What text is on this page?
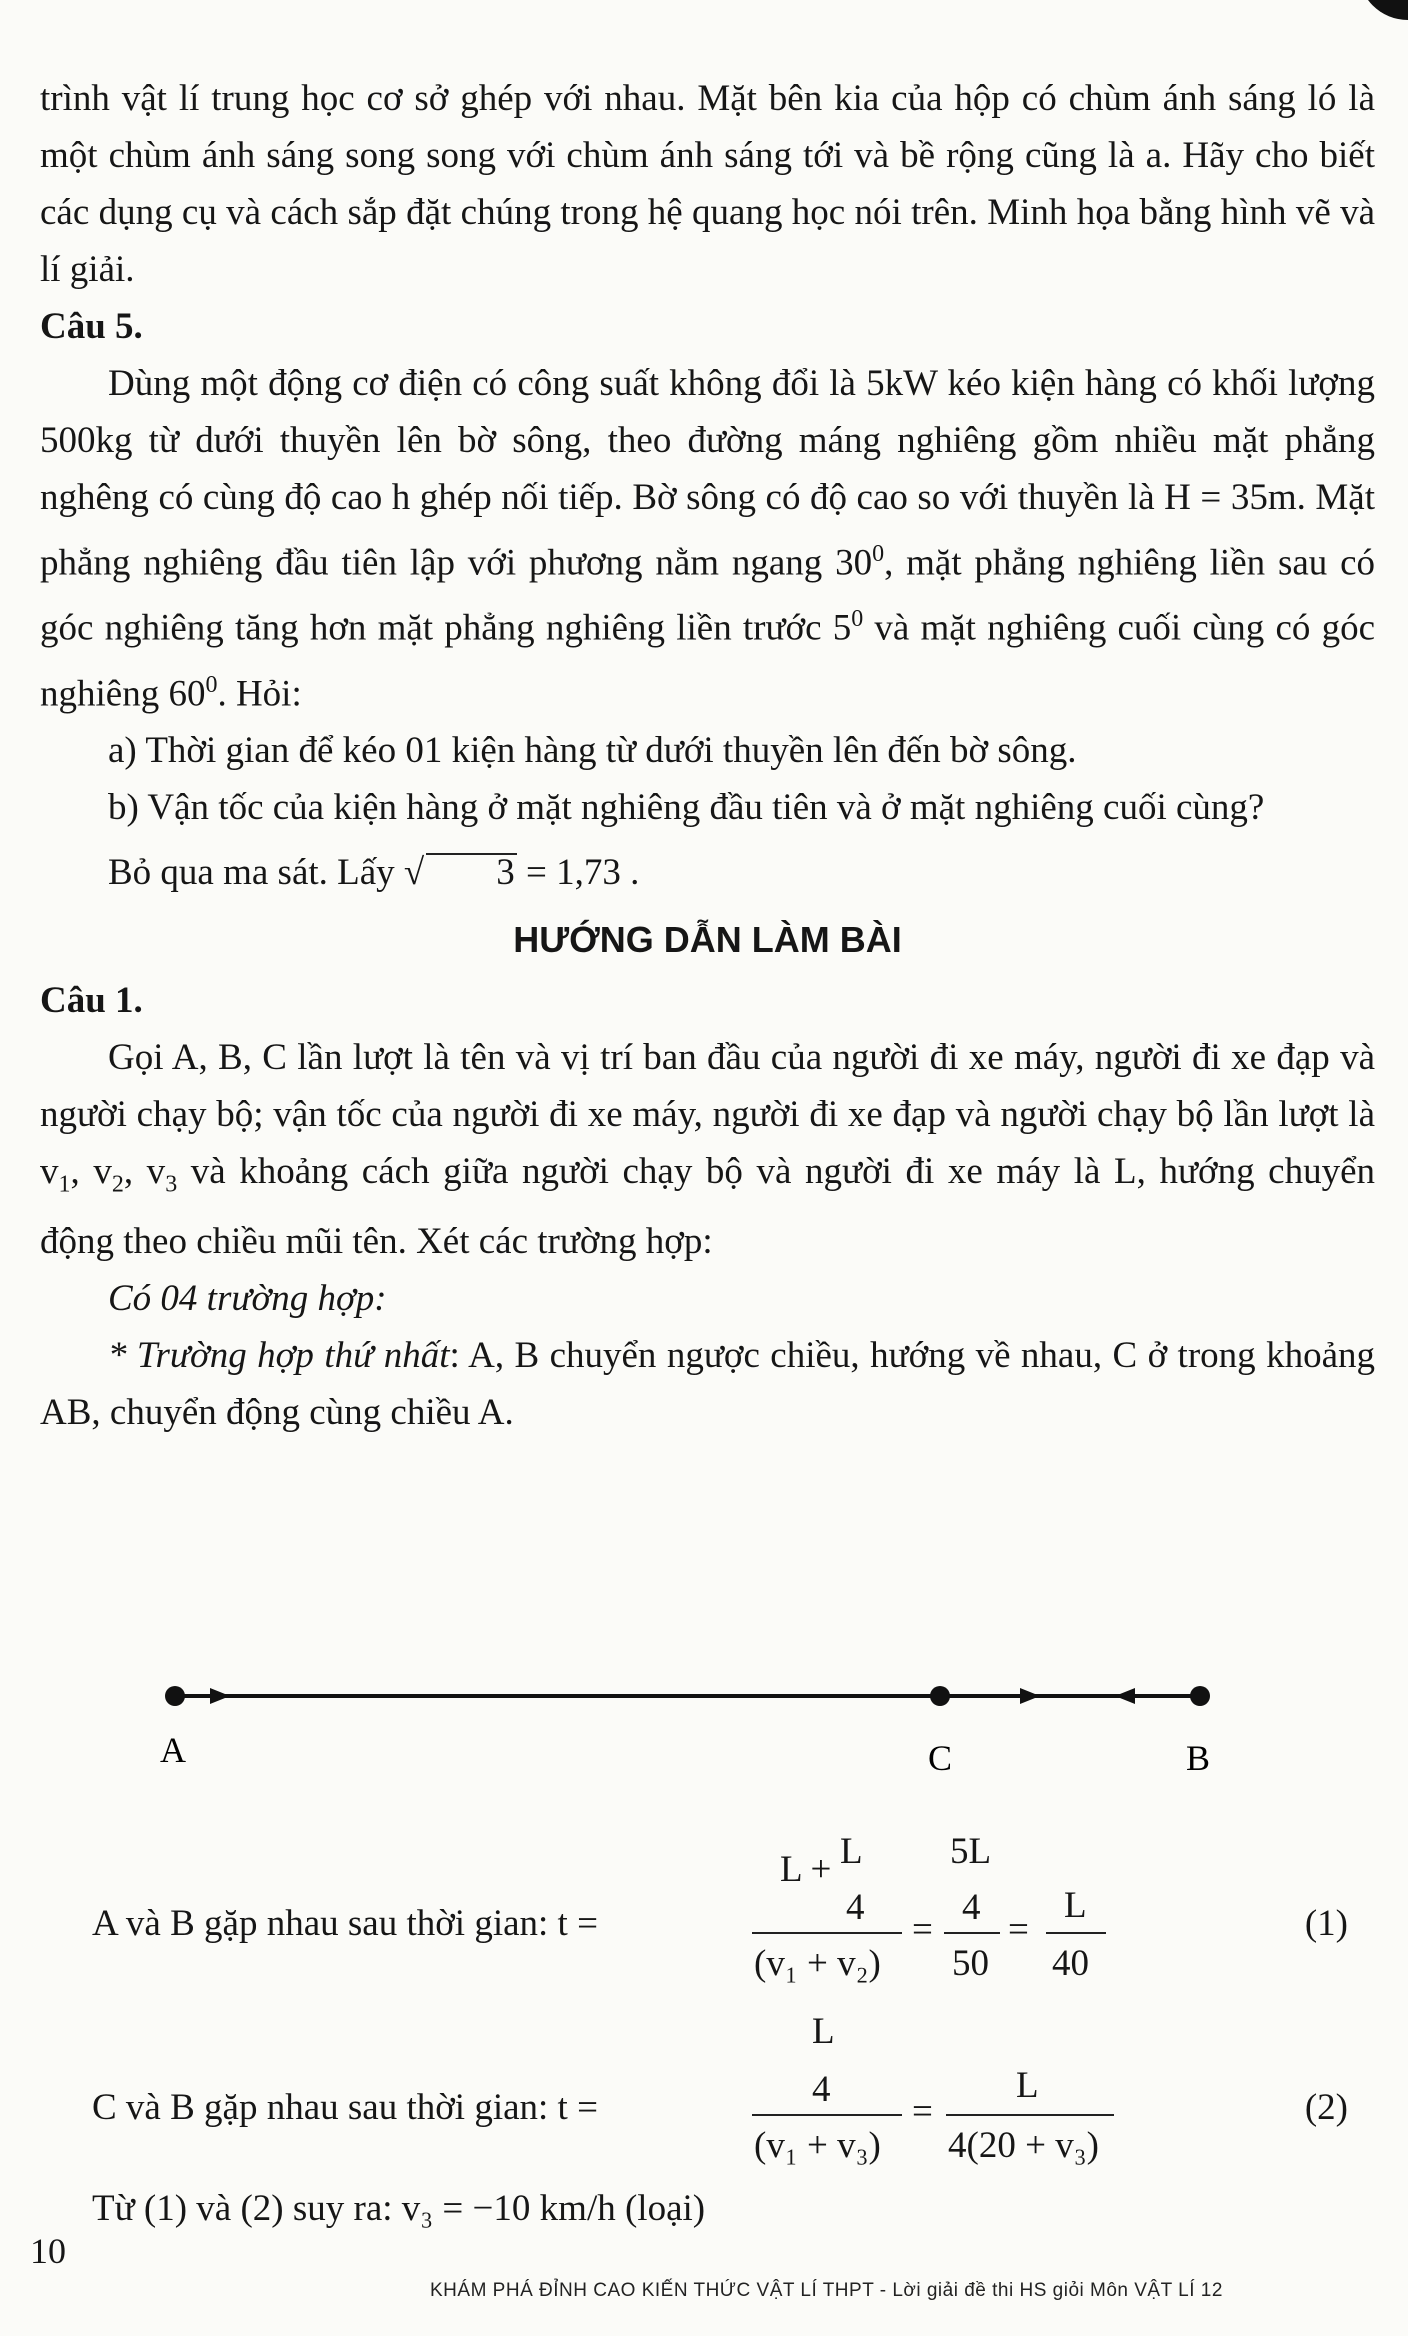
trình vật lí trung học cơ sở ghép với nhau. Mặt bên kia của hộp có chùm ánh sáng ló là một chùm ánh sáng song song với chùm ánh sáng tới và bề rộng cũng là a. Hãy cho biết các dụng cụ và cách sắp đặt chúng trong hệ quang học nói trên. Minh họa bằng hình vẽ và lí giải.

Câu 5.

Dùng một động cơ điện có công suất không đổi là 5kW kéo kiện hàng có khối lượng 500kg từ dưới thuyền lên bờ sông, theo đường máng nghiêng gồm nhiều mặt phẳng nghêng có cùng độ cao h ghép nối tiếp. Bờ sông có độ cao so với thuyền là H = 35m. Mặt phẳng nghiêng đầu tiên lập với phương nằm ngang $30^0$, mặt phẳng nghiêng liền sau có góc nghiêng tăng hơn mặt phẳng nghiêng liền trước $5^0$ và mặt nghiêng cuối cùng có góc nghiêng $60^0$. Hỏi:

a) Thời gian để kéo 01 kiện hàng từ dưới thuyền lên đến bờ sông.

b) Vận tốc của kiện hàng ở mặt nghiêng đầu tiên và ở mặt nghiêng cuối cùng?

Bỏ qua ma sát. Lấy √ 3 = 1,73 .

HƯỚNG DẪN LÀM BÀI

Câu 1.

Gọi A, B, C lần lượt là tên và vị trí ban đầu của người đi xe máy, người đi xe đạp và người chạy bộ; vận tốc của người đi xe máy, người đi xe đạp và người chạy bộ lần lượt là $v_1$, $v_2$, $v_3$ và khoảng cách giữa người chạy bộ và người đi xe máy là L, hướng chuyển động theo chiều mũi tên. Xét các trường hợp:

Có 04 trường hợp:

* Trường hợp thứ nhất: A, B chuyển ngược chiều, hướng về nhau, C ở trong khoảng AB, chuyển động cùng chiều A.

A	C	B
A và B gặp nhau sau thời gian: t =
L
L +
4
(v₁ + v₂)
=
5L
4
50
=
L
40
(1)
C và B gặp nhau sau thời gian: t =
L
4
(v₁ + v₃)
=
L
4(20 + v₃)
(2)

Từ (1) và (2) suy ra: v₃ = −10 km/h (loại)

10
KHÁM PHÁ ĐỈNH CAO KIẾN THỨC VẬT LÍ THPT - Lời giải đề thi HS giỏi Môn VẬT LÍ 12
